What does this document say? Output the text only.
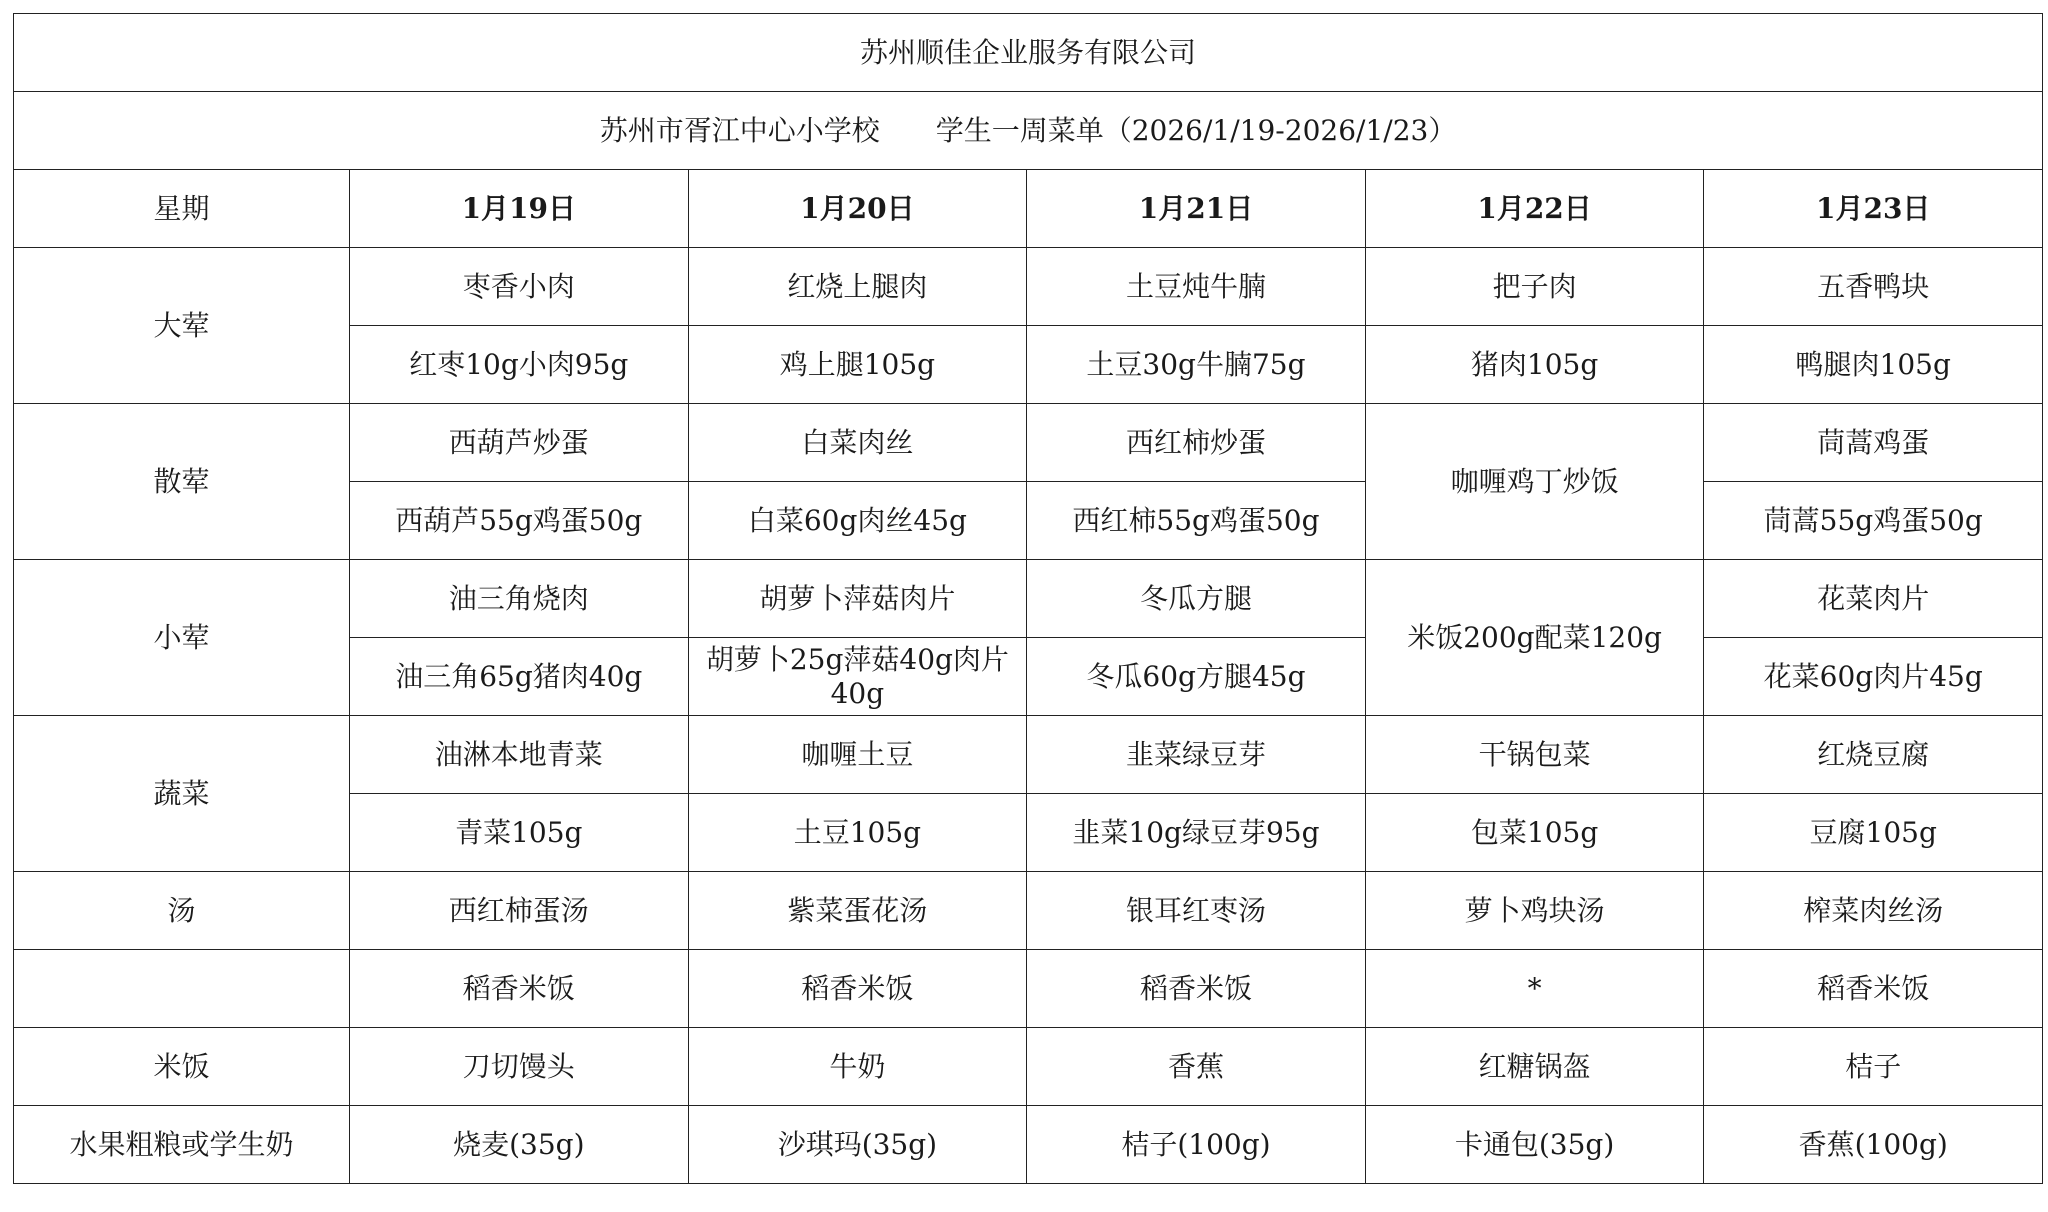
苏州顺佳企业服务有限公司					
苏州市胥江中心小学校　　学生一周菜单（2026/1/19-2026/1/23）					
星期	1月19日	1月20日	1月21日	1月22日	1月23日
大荤	枣香小肉	红烧上腿肉	土豆炖牛腩	把子肉	五香鸭块
	红枣10g小肉95g	鸡上腿105g	土豆30g牛腩75g	猪肉105g	鸭腿肉105g
散荤	西葫芦炒蛋	白菜肉丝	西红柿炒蛋	咖喱鸡丁炒饭	茼蒿鸡蛋
	西葫芦55g鸡蛋50g	白菜60g肉丝45g	西红柿55g鸡蛋50g		茼蒿55g鸡蛋50g
小荤	油三角烧肉	胡萝卜萍菇肉片	冬瓜方腿	米饭200g配菜120g	花菜肉片
	油三角65g猪肉40g	胡萝卜25g萍菇40g肉片40g	冬瓜60g方腿45g		花菜60g肉片45g
蔬菜	油淋本地青菜	咖喱土豆	韭菜绿豆芽	干锅包菜	红烧豆腐
	青菜105g	土豆105g	韭菜10g绿豆芽95g	包菜105g	豆腐105g
汤	西红柿蛋汤	紫菜蛋花汤	银耳红枣汤	萝卜鸡块汤	榨菜肉丝汤
	稻香米饭	稻香米饭	稻香米饭	*	稻香米饭
米饭	刀切馒头	牛奶	香蕉	红糖锅盔	桔子
水果粗粮或学生奶	烧麦(35g)	沙琪玛(35g)	桔子(100g)	卡通包(35g)	香蕉(100g)
